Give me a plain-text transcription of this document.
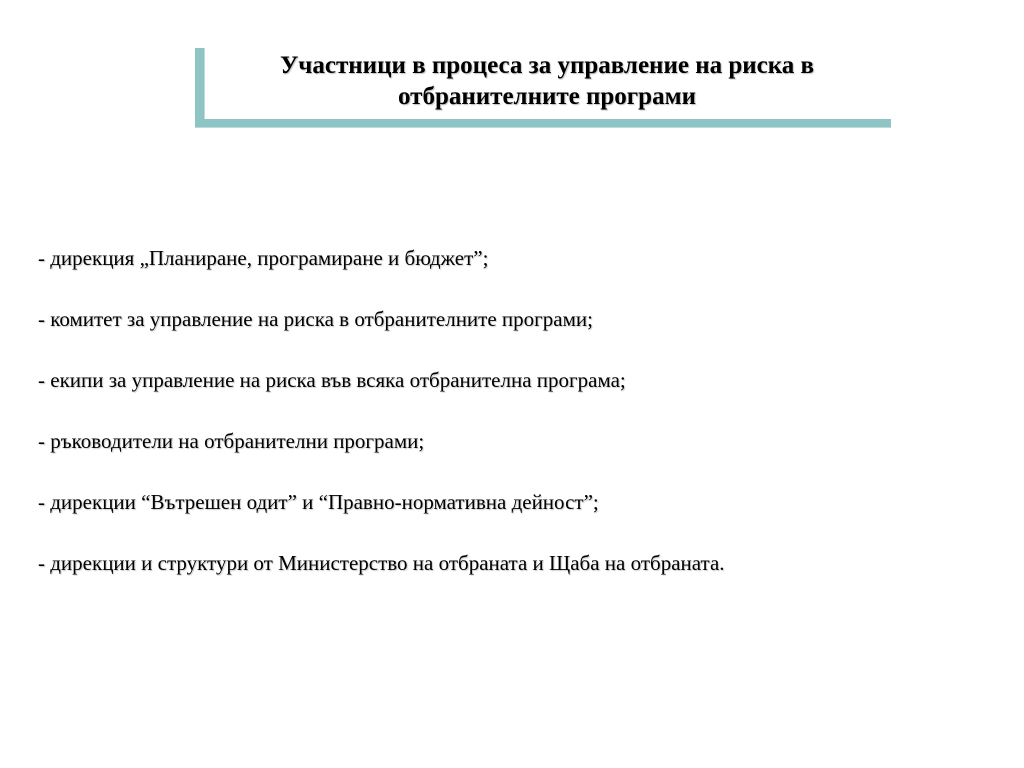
Участници в процеса за управление на риска в отбранителните програми
- дирекция „Планиране, програмиране и бюджет”;
- комитет за управление на риска в отбранителните програми;
- екипи за управление на риска във всяка отбранителна програма;
- ръководители на отбранителни програми;
- дирекции “Вътрешен одит” и “Правно-нормативна дейност”;
- дирекции и структури от Министерство на отбраната и Щаба на отбраната.
